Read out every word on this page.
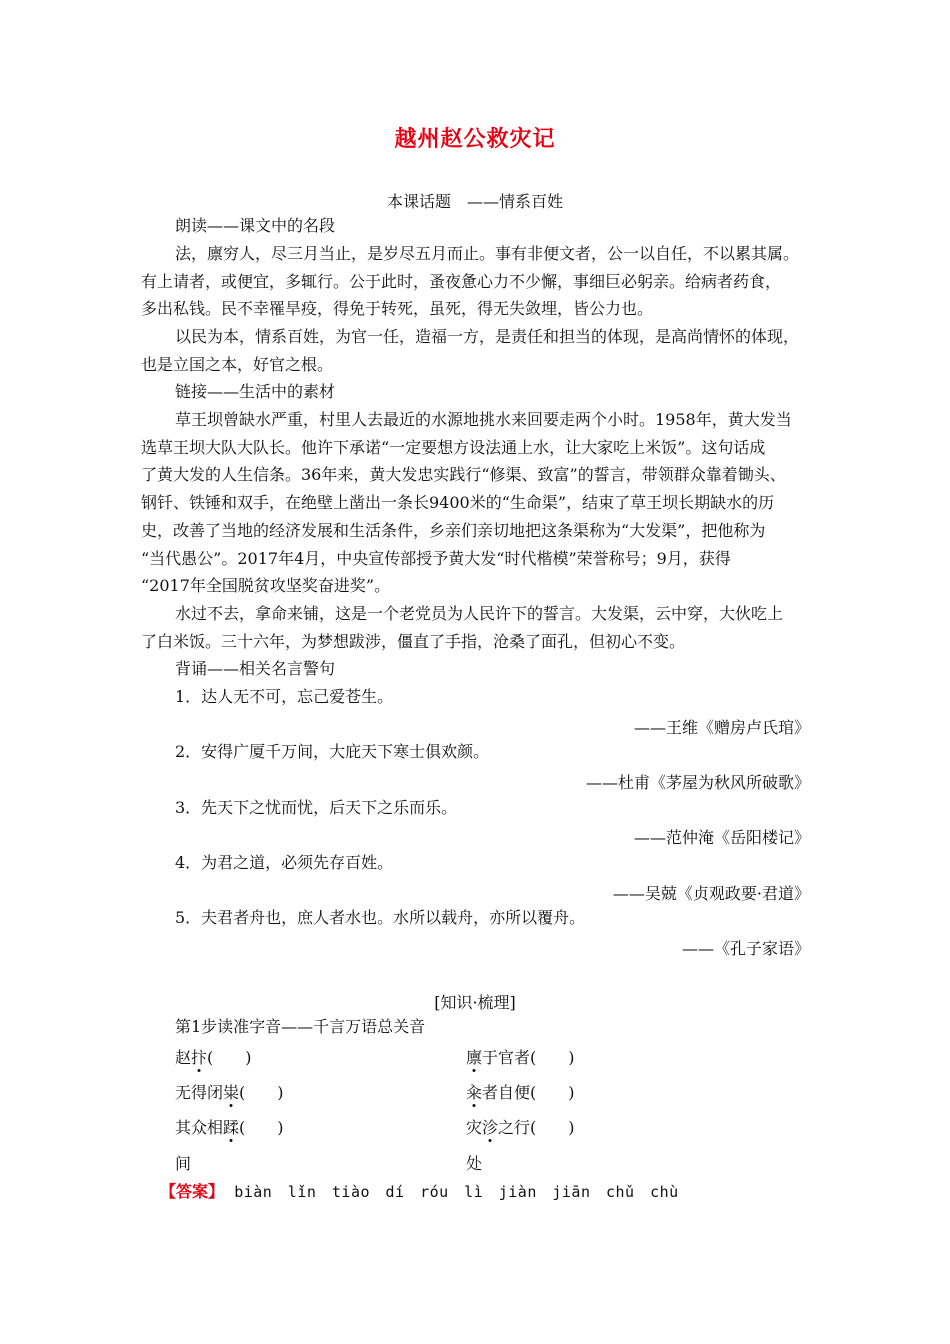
越州赵公救灾记
本课话题　——情系百姓
朗读——课文中的名段
法，廪穷人，尽三月当止，是岁尽五月而止。事有非便文者，公一以自任，不以累其属。
有上请者，或便宜，多辄行。公于此时，蚤夜惫心力不少懈，事细巨必躬亲。给病者药食，
多出私钱。民不幸罹旱疫，得免于转死，虽死，得无失敛埋，皆公力也。
以民为本，情系百姓，为官一任，造福一方，是责任和担当的体现，是高尚情怀的体现，
也是立国之本，好官之根。
链接——生活中的素材
草王坝曾缺水严重，村里人去最近的水源地挑水来回要走两个小时。1958年，黄大发当
选草王坝大队大队长。他许下承诺“一定要想方设法通上水，让大家吃上米饭”。这句话成
了黄大发的人生信条。36年来，黄大发忠实践行“修渠、致富”的誓言，带领群众靠着锄头、
钢钎、铁锤和双手，在绝壁上凿出一条长9400米的“生命渠”，结束了草王坝长期缺水的历
史，改善了当地的经济发展和生活条件，乡亲们亲切地把这条渠称为“大发渠”，把他称为
“当代愚公”。2017年4月，中央宣传部授予黄大发“时代楷模”荣誉称号；9月，获得
“2017年全国脱贫攻坚奖奋进奖”。
水过不去，拿命来铺，这是一个老党员为人民许下的誓言。大发渠，云中穿，大伙吃上
了白米饭。三十六年，为梦想跋涉，僵直了手指，沧桑了面孔，但初心不变。
背诵——相关名言警句
1．达人无不可，忘己爱苍生。
——王维《赠房卢氏琯》
2．安得广厦千万间，大庇天下寒士俱欢颜。
——杜甫《茅屋为秋风所破歌》
3．先天下之忧而忧，后天下之乐而乐。
——范仲淹《岳阳楼记》
4．为君之道，必须先存百姓。
——吴兢《贞观政要·君道》
5．夫君者舟也，庶人者水也。水所以载舟，亦所以覆舟。
——《孔子家语》
[知识·梳理]
第1步读准字音——千言万语总关音
赵抃(　　)	廪于官者(　　)
无得闭粜(　　)	籴者自便(　　)
其众相蹂(　　)	灾沴之行(　　)
间	处
【答案】 biàn　lǐn　tiào　dí　róu　lì　jiàn　jiān　chǔ　chù
